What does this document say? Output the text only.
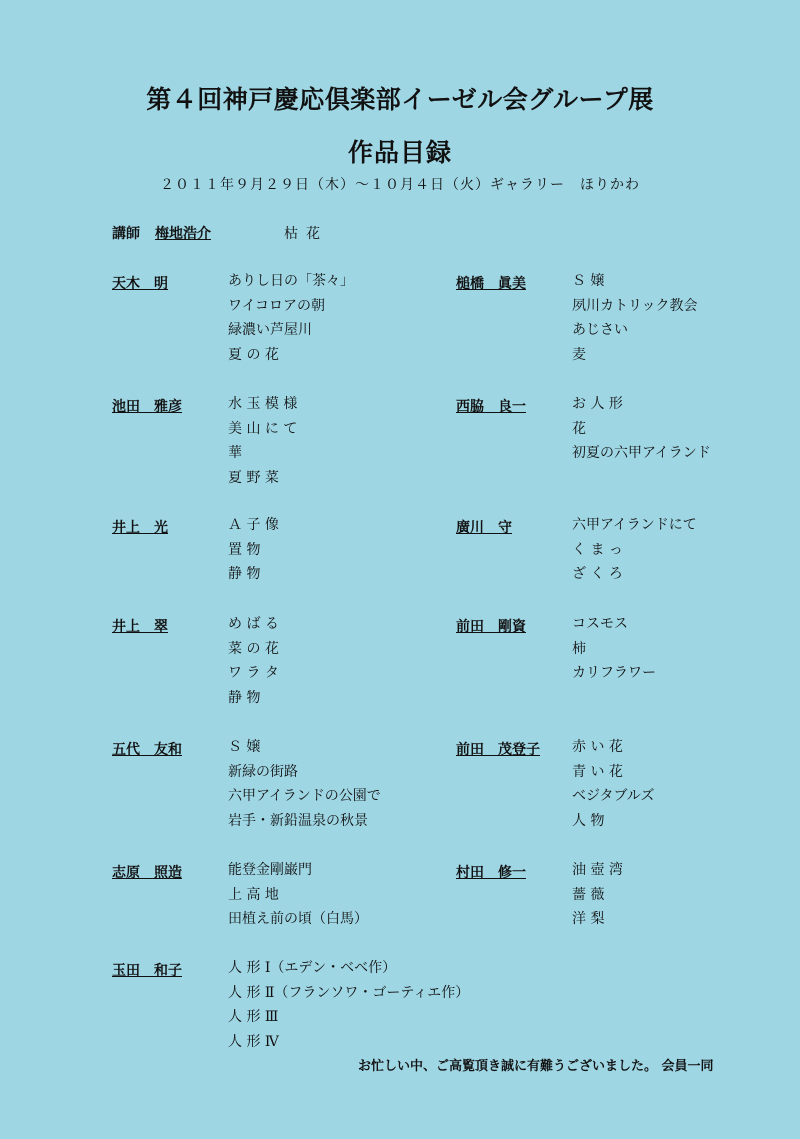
第４回神戸慶応倶楽部イーゼル会グループ展
作品目録
２０１１年９月２９日（木）～１０月４日（火）ギャラリー　ほりかわ
講師 梅地浩介	枯花
天木　明	ありし日の「茶々」
ワイコロアの朝
緑濃い芦屋川
夏 の 花
池田　雅彦	水 玉 模 様
美 山 に て
華
夏 野 菜
井上　光	Ａ 子 像
置 物
静 物
井上　翠	め ば る
菜 の 花
ワ ラ タ
静 物
五代　友和	Ｓ 嬢
新緑の街路
六甲アイランドの公園で
岩手・新鉛温泉の秋景
志原　照造	能登金剛巌門
上 高 地
田植え前の頃（白馬）
玉田　和子	人 形 Ⅰ（エデン・ベベ作）
人 形 Ⅱ（フランソワ・ゴーティエ作）
人 形 Ⅲ
人 形 Ⅳ
槌橋　眞美	Ｓ 嬢
夙川カトリック教会
あじさい
麦
西脇　良一	お 人 形
花
初夏の六甲アイランド
廣川　守	六甲アイランドにて
く ま っ
ざ く ろ
前田　剛資	コスモス
柿
カリフラワー
前田　茂登子 赤 い 花
青 い 花
ベジタブルズ
人 物
村田　修一	油 壺 湾
薔 薇
洋 梨
お忙しい中、ご高覧頂き誠に有難うございました。 会員一同
